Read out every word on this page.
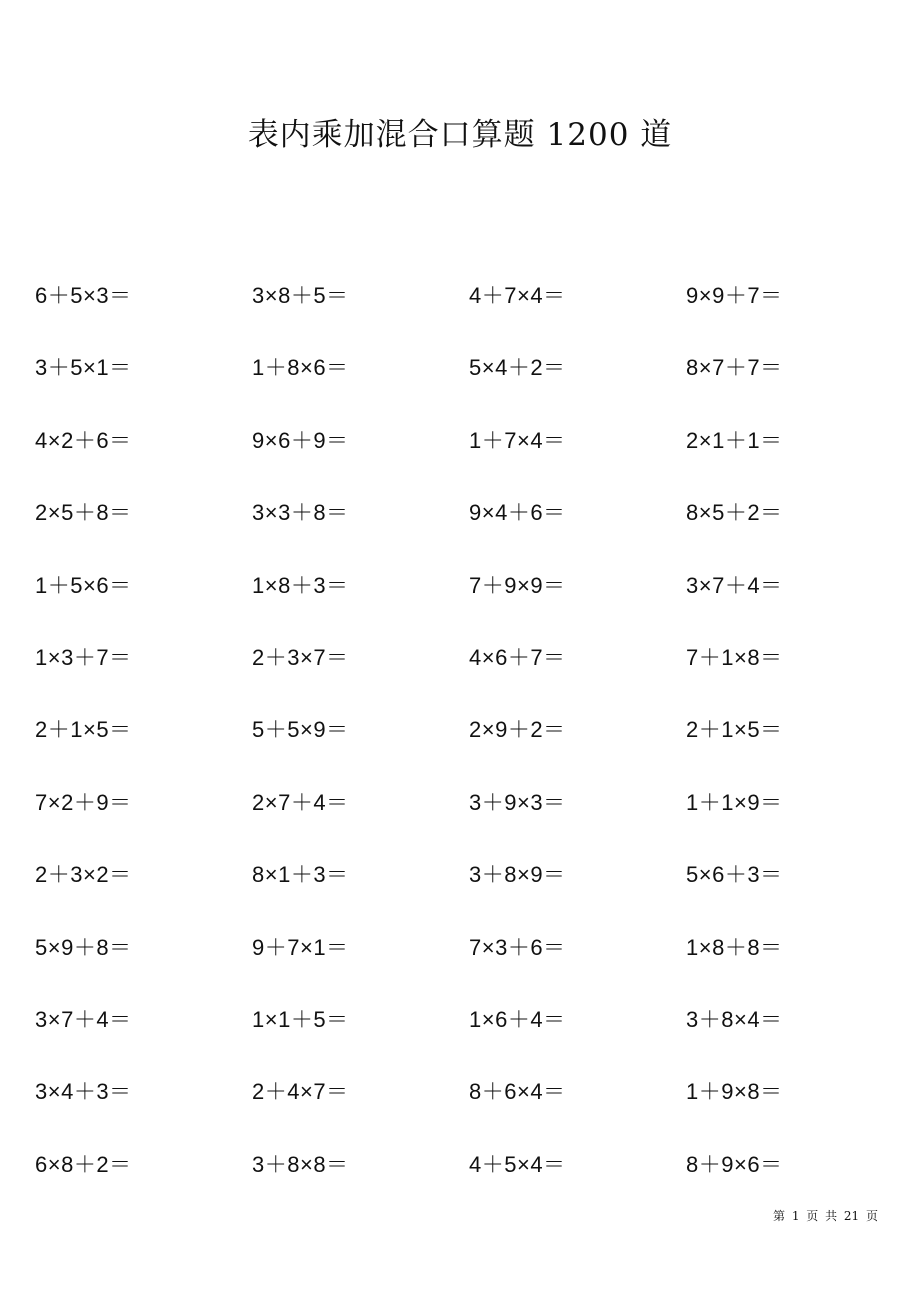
表内乘加混合口算题 1200 道
6＋5×3＝	3×8＋5＝	4＋7×4＝	9×9＋7＝
3＋5×1＝	1＋8×6＝	5×4＋2＝	8×7＋7＝
4×2＋6＝	9×6＋9＝	1＋7×4＝	2×1＋1＝
2×5＋8＝	3×3＋8＝	9×4＋6＝	8×5＋2＝
1＋5×6＝	1×8＋3＝	7＋9×9＝	3×7＋4＝
1×3＋7＝	2＋3×7＝	4×6＋7＝	7＋1×8＝
2＋1×5＝	5＋5×9＝	2×9＋2＝	2＋1×5＝
7×2＋9＝	2×7＋4＝	3＋9×3＝	1＋1×9＝
2＋3×2＝	8×1＋3＝	3＋8×9＝	5×6＋3＝
5×9＋8＝	9＋7×1＝	7×3＋6＝	1×8＋8＝
3×7＋4＝	1×1＋5＝	1×6＋4＝	3＋8×4＝
3×4＋3＝	2＋4×7＝	8＋6×4＝	1＋9×8＝
6×8＋2＝	3＋8×8＝	4＋5×4＝	8＋9×6＝
第 1 页 共 21 页
